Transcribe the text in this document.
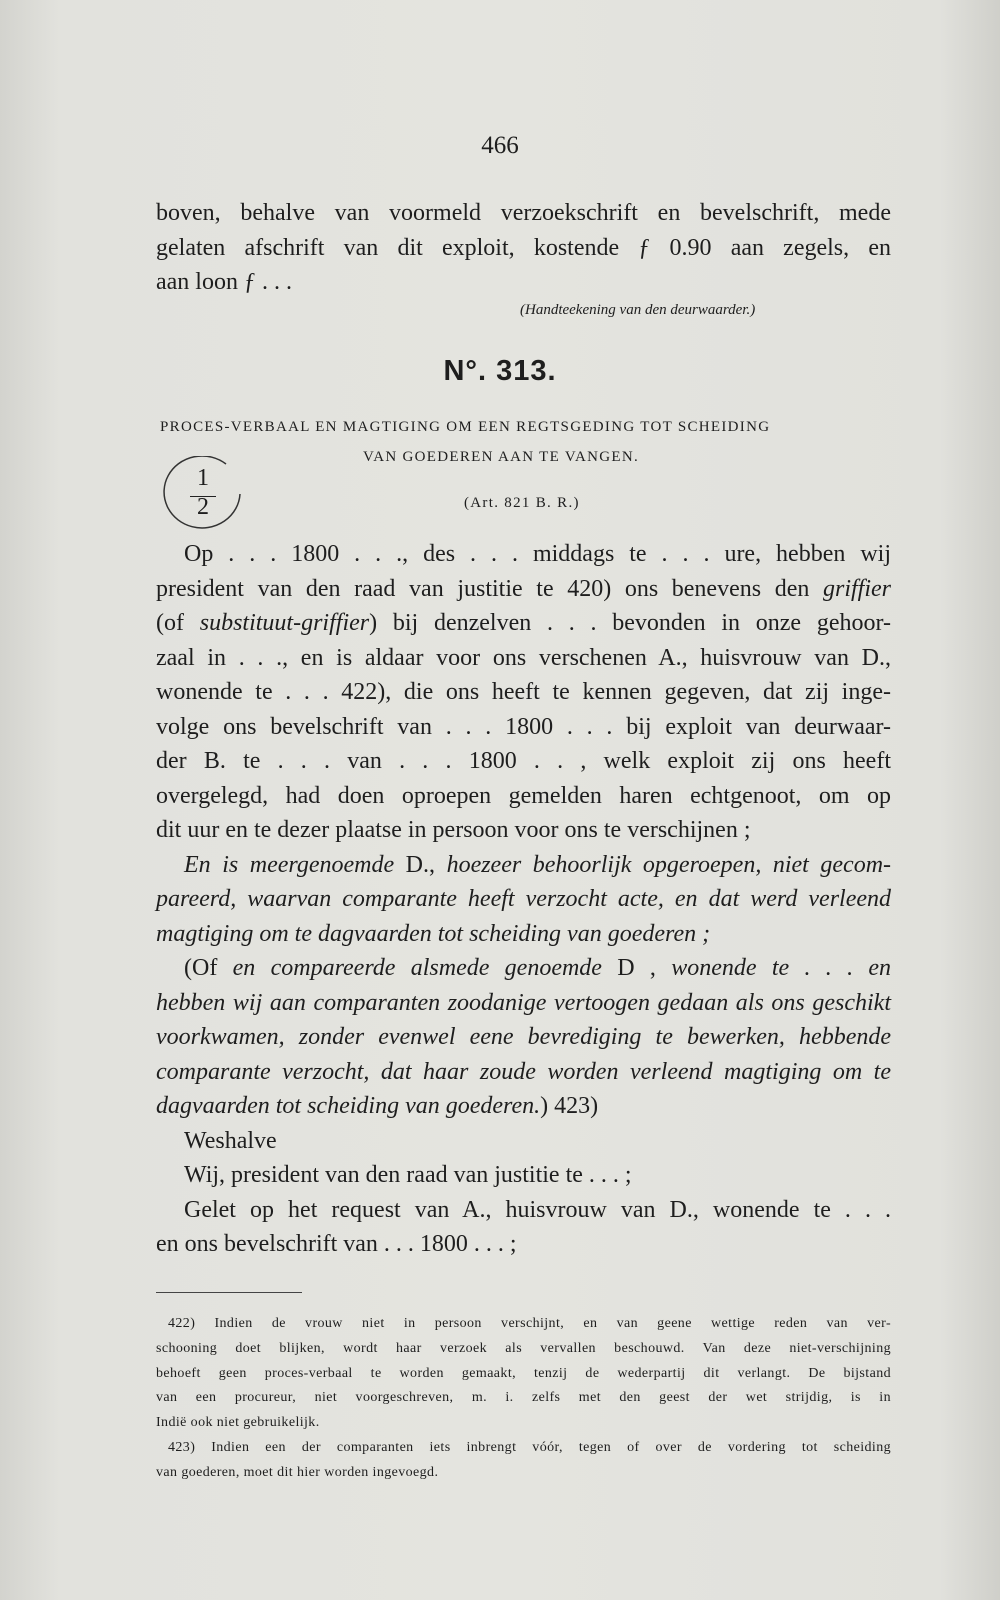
466

boven, behalve van voormeld verzoekschrift en bevelschrift, mede

gelaten afschrift van dit exploit, kostende ƒ 0.90 aan zegels, en

aan loon ƒ . . .

(Handteekening van den deurwaarder.)
N°. 313.
PROCES-VERBAAL EN MAGTIGING OM EEN REGTSGEDING TOT SCHEIDING
VAN GOEDEREN AAN TE VANGEN.
(Art. 821 B. R.)
1
2

Op . . . 1800 . . ., des . . . middags te . . . ure, hebben wij

president van den raad van justitie te 420) ons benevens den griffier

(of substituut-griffier) bij denzelven . . . bevonden in onze gehoor-

zaal in . . ., en is aldaar voor ons verschenen A., huisvrouw van D.,

wonende te . . . 422), die ons heeft te kennen gegeven, dat zij inge-

volge ons bevelschrift van . . . 1800 . . . bij exploit van deurwaar-

der B. te . . . van . . . 1800 . . , welk exploit zij ons heeft

overgelegd, had doen oproepen gemelden haren echtgenoot, om op

dit uur en te dezer plaatse in persoon voor ons te verschijnen ;

En is meergenoemde D., hoezeer behoorlijk opgeroepen, niet gecom-

pareerd, waarvan comparante heeft verzocht acte, en dat werd verleend

magtiging om te dagvaarden tot scheiding van goederen ;

(Of en compareerde alsmede genoemde D , wonende te . . . en

hebben wij aan comparanten zoodanige vertoogen gedaan als ons geschikt

voorkwamen, zonder evenwel eene bevrediging te bewerken, hebbende

comparante verzocht, dat haar zoude worden verleend magtiging om te

dagvaarden tot scheiding van goederen.) 423)

Weshalve

Wij, president van den raad van justitie te . . . ;

Gelet op het request van A., huisvrouw van D., wonende te . . .

en ons bevelschrift van . . . 1800 . . . ;

422) Indien de vrouw niet in persoon verschijnt, en van geene wettige reden van ver-

schooning doet blijken, wordt haar verzoek als vervallen beschouwd. Van deze niet-verschijning

behoeft geen proces-verbaal te worden gemaakt, tenzij de wederpartij dit verlangt. De bijstand

van een procureur, niet voorgeschreven, m. i. zelfs met den geest der wet strijdig, is in

Indië ook niet gebruikelijk.

423) Indien een der comparanten iets inbrengt vóór, tegen of over de vordering tot scheiding

van goederen, moet dit hier worden ingevoegd.
